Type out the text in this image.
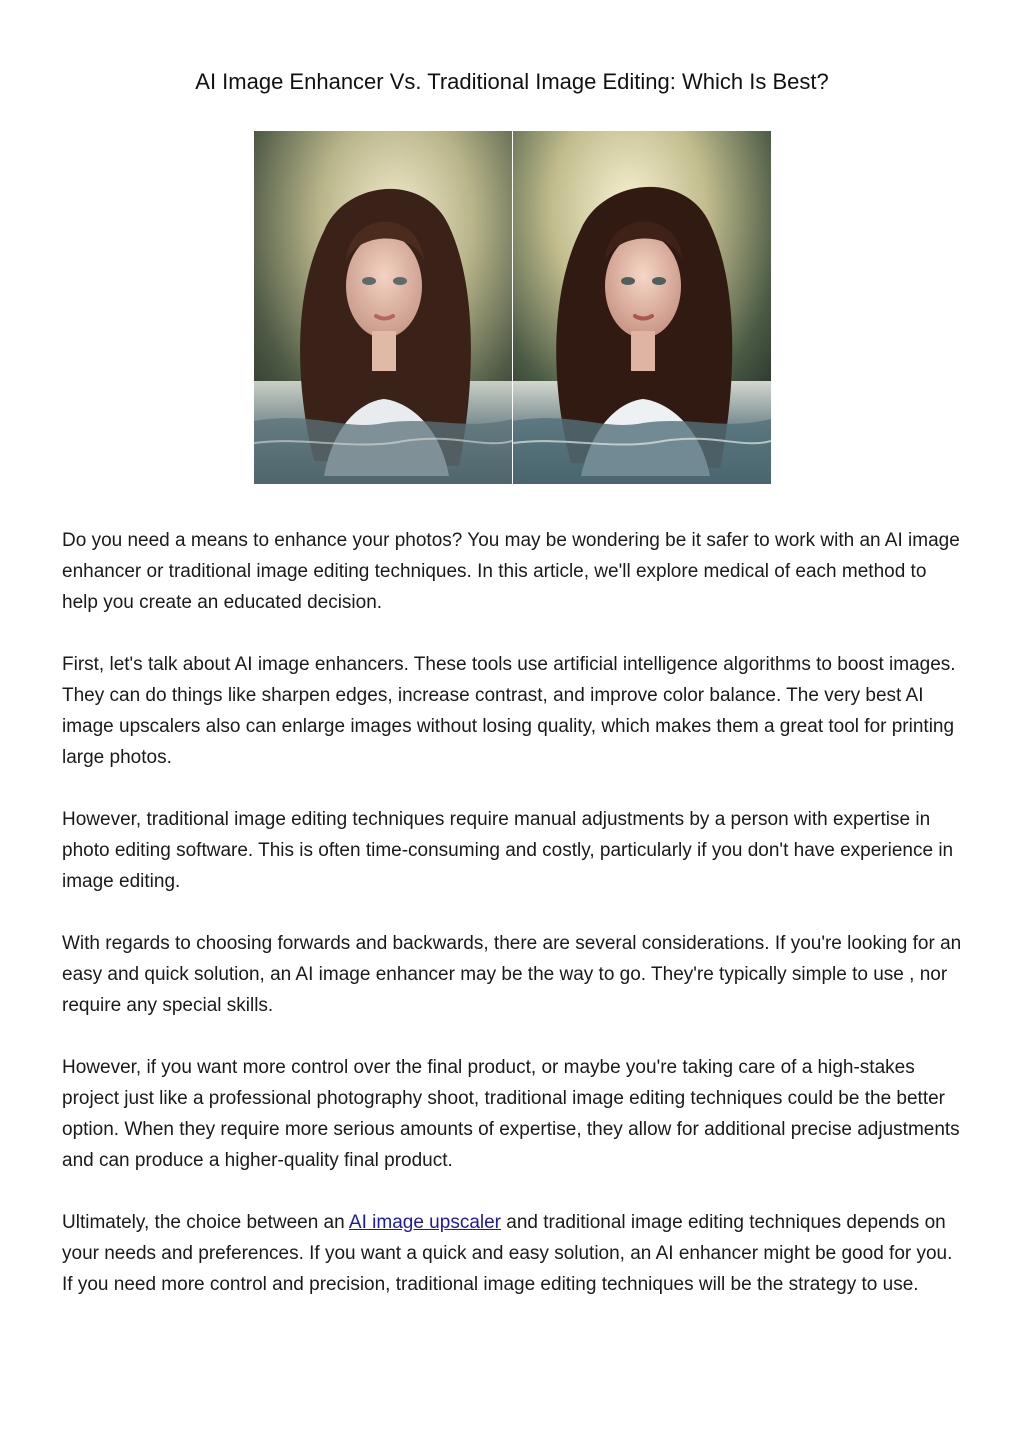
AI Image Enhancer Vs. Traditional Image Editing: Which Is Best?

Do you need a means to enhance your photos? You may be wondering be it safer to work with an AI image enhancer or traditional image editing techniques. In this article, we'll explore medical of each method to help you create an educated decision.

First, let's talk about AI image enhancers. These tools use artificial intelligence algorithms to boost images. They can do things like sharpen edges, increase contrast, and improve color balance. The very best AI image upscalers also can enlarge images without losing quality, which makes them a great tool for printing large photos.

However, traditional image editing techniques require manual adjustments by a person with expertise in photo editing software. This is often time-consuming and costly, particularly if you don't have experience in image editing.

With regards to choosing forwards and backwards, there are several considerations. If you're looking for an easy and quick solution, an AI image enhancer may be the way to go. They're typically simple to use , nor require any special skills.

However, if you want more control over the final product, or maybe you're taking care of a high-stakes project just like a professional photography shoot, traditional image editing techniques could be the better option. When they require more serious amounts of expertise, they allow for additional precise adjustments and can produce a higher-quality final product.

Ultimately, the choice between an AI image upscaler and traditional image editing techniques depends on your needs and preferences. If you want a quick and easy solution, an AI enhancer might be good for you. If you need more control and precision, traditional image editing techniques will be the strategy to use.
